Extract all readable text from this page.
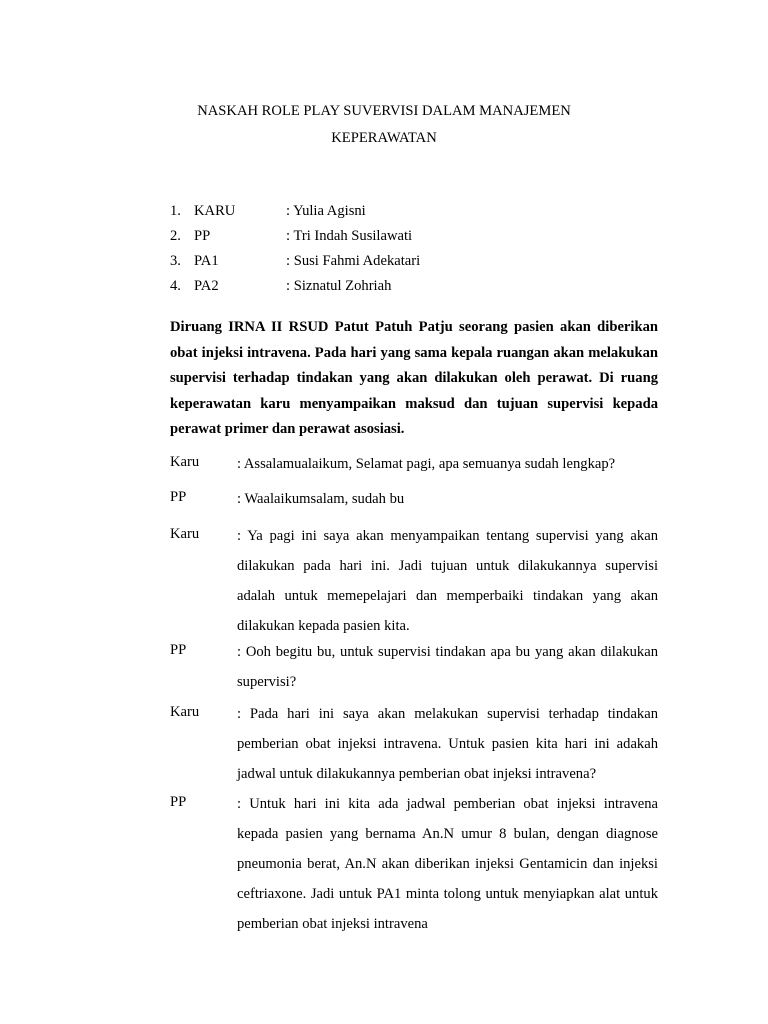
NASKAH ROLE PLAY SUVERVISI DALAM MANAJEMEN
KEPERAWATAN
1. KARU	: Yulia Agisni
2. PP	: Tri Indah Susilawati
3. PA1	: Susi Fahmi Adekatari
4. PA2	: Siznatul Zohriah

Diruang IRNA II RSUD Patut Patuh Patju seorang pasien akan diberikan obat injeksi intravena. Pada hari yang sama kepala ruangan akan melakukan supervisi terhadap tindakan yang akan dilakukan oleh perawat. Di ruang keperawatan karu menyampaikan maksud dan tujuan supervisi kepada perawat primer dan perawat asosiasi.

Karu	: Assalamualaikum, Selamat pagi, apa semuanya sudah lengkap?
PP	: Waalaikumsalam, sudah bu
Karu	: Ya pagi ini saya akan menyampaikan tentang supervisi yang akan dilakukan pada hari ini. Jadi tujuan untuk dilakukannya supervisi adalah untuk memepelajari dan memperbaiki tindakan yang akan dilakukan kepada pasien kita.
PP	: Ooh begitu bu, untuk supervisi tindakan apa bu yang akan dilakukan supervisi?
Karu	: Pada hari ini saya akan melakukan supervisi terhadap tindakan pemberian obat injeksi intravena. Untuk pasien kita hari ini adakah jadwal untuk dilakukannya pemberian obat injeksi intravena?
PP	: Untuk hari ini kita ada jadwal pemberian obat injeksi intravena kepada pasien yang bernama An.N umur 8 bulan, dengan diagnose pneumonia berat, An.N akan diberikan injeksi Gentamicin dan injeksi ceftriaxone. Jadi untuk PA1 minta tolong untuk menyiapkan alat untuk pemberian obat injeksi intravena
